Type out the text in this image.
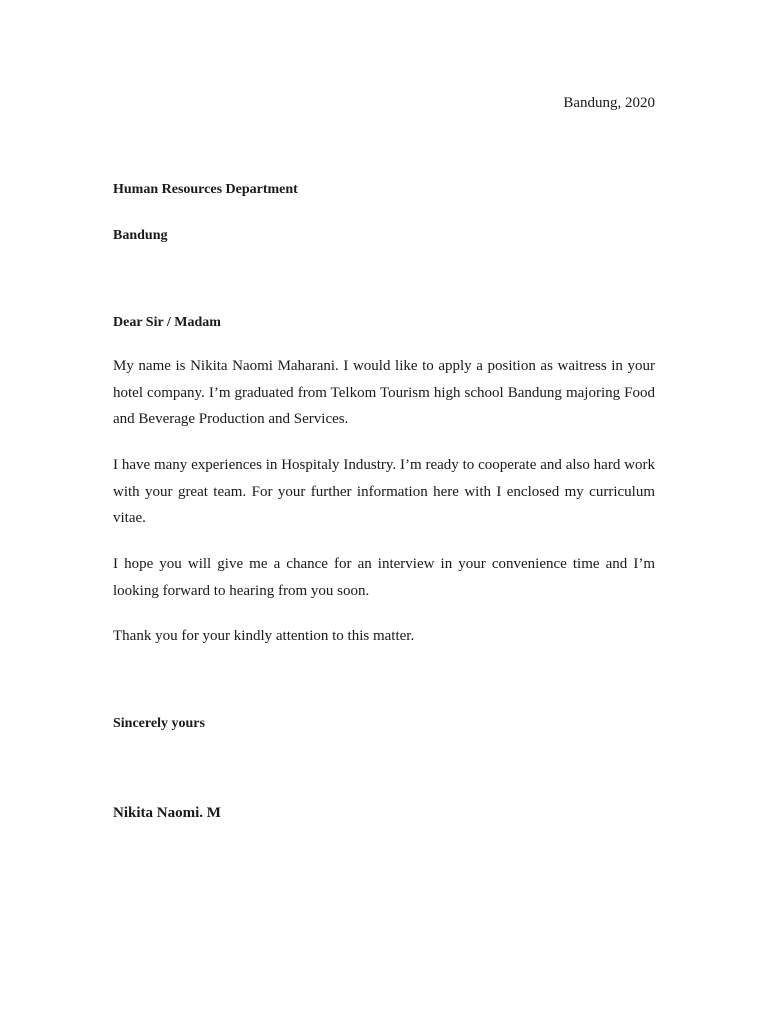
Bandung, 2020
Human Resources Department
Bandung
Dear Sir / Madam

My name is Nikita Naomi Maharani. I would like to apply a position as waitress in your hotel company. I’m graduated from Telkom Tourism high school Bandung majoring Food and Beverage Production and Services.

I have many experiences in Hospitaly Industry. I’m ready to cooperate and also hard work with your great team. For your further information here with I enclosed my curriculum vitae.

I hope you will give me a chance for an interview in your convenience time and I’m looking forward to hearing from you soon.

Thank you for your kindly attention to this matter.

Sincerely yours
Nikita Naomi. M
